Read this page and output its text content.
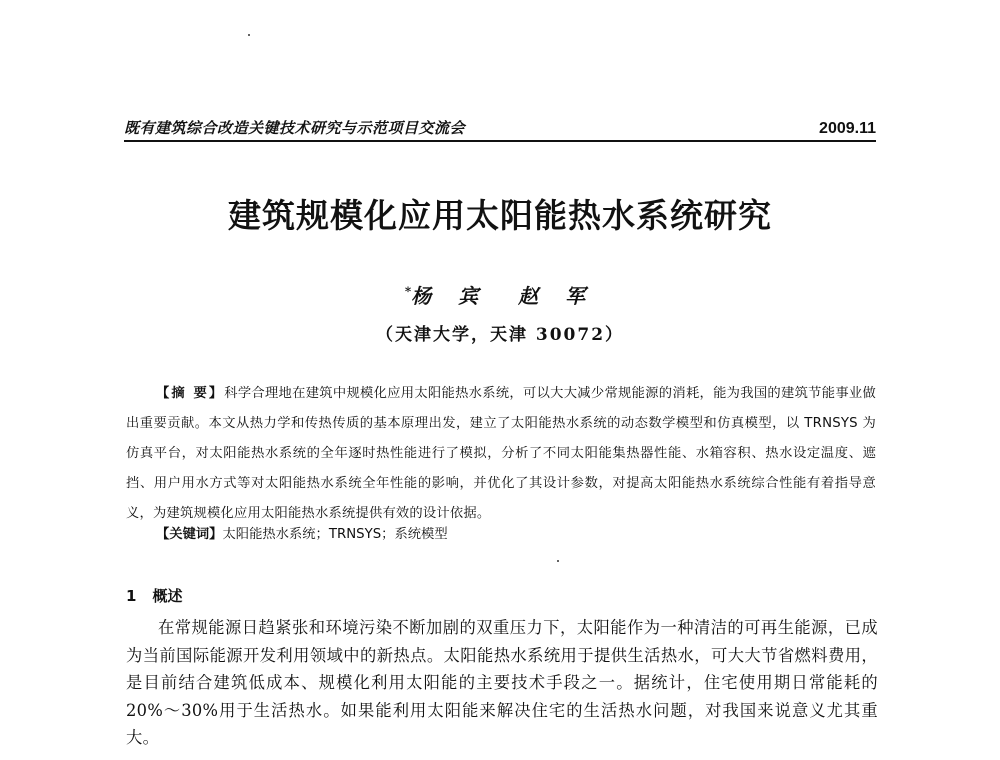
既有建筑综合改造关键技术研究与示范项目交流会	2009.11
建筑规模化应用太阳能热水系统研究
*杨 宾　赵 军
（天津大学，天津 30072）

【摘 要】科学合理地在建筑中规模化应用太阳能热水系统，可以大大减少常规能源的消耗，能为我国的建筑节能事业做出重要贡献。本文从热力学和传热传质的基本原理出发，建立了太阳能热水系统的动态数学模型和仿真模型，以 TRNSYS 为仿真平台，对太阳能热水系统的全年逐时热性能进行了模拟，分析了不同太阳能集热器性能、水箱容积、热水设定温度、遮挡、用户用水方式等对太阳能热水系统全年性能的影响，并优化了其设计参数，对提高太阳能热水系统综合性能有着指导意义，为建筑规模化应用太阳能热水系统提供有效的设计依据。

【关键词】太阳能热水系统；TRNSYS；系统模型
1 概述

在常规能源日趋紧张和环境污染不断加剧的双重压力下，太阳能作为一种清洁的可再生能源，已成为当前国际能源开发利用领域中的新热点。太阳能热水系统用于提供生活热水，可大大节省燃料费用，是目前结合建筑低成本、规模化利用太阳能的主要技术手段之一。据统计，住宅使用期日常能耗的 20%～30%用于生活热水。如果能利用太阳能来解决住宅的生活热水问题，对我国来说意义尤其重大。
